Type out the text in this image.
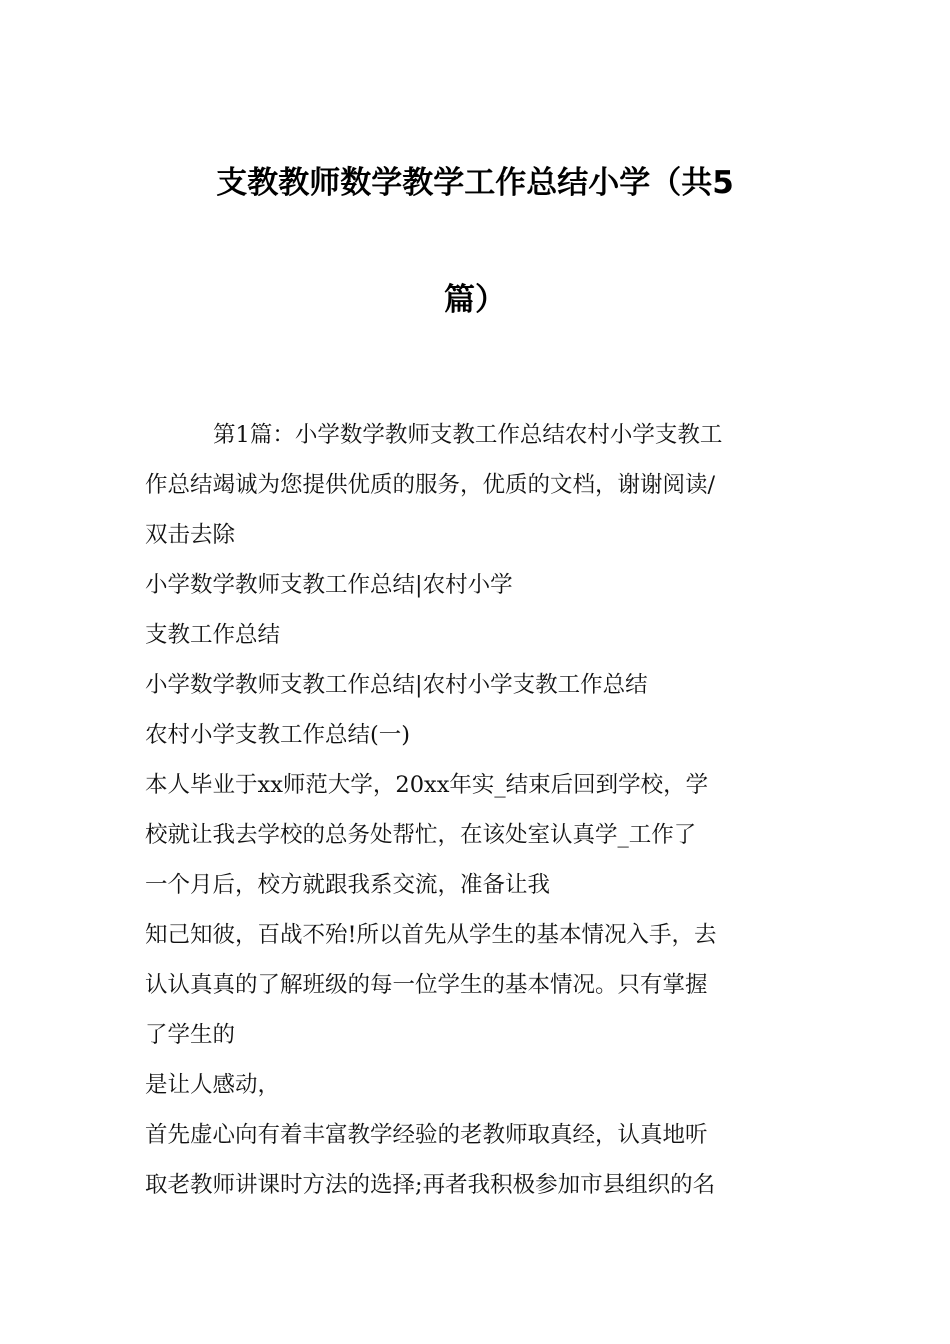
支教教师数学教学工作总结小学（共5
篇）
第1篇：小学数学教师支教工作总结农村小学支教工
作总结竭诚为您提供优质的服务，优质的文档，谢谢阅读/
双击去除
小学数学教师支教工作总结|农村小学
支教工作总结
小学数学教师支教工作总结|农村小学支教工作总结
农村小学支教工作总结(一)
本人毕业于xx师范大学，20xx年实_结束后回到学校，学
校就让我去学校的总务处帮忙，在该处室认真学_工作了
一个月后，校方就跟我系交流，准备让我
知己知彼，百战不殆!所以首先从学生的基本情况入手，去
认认真真的了解班级的每一位学生的基本情况。只有掌握
了学生的
是让人感动，
首先虚心向有着丰富教学经验的老教师取真经，认真地听
取老教师讲课时方法的选择;再者我积极参加市县组织的名
